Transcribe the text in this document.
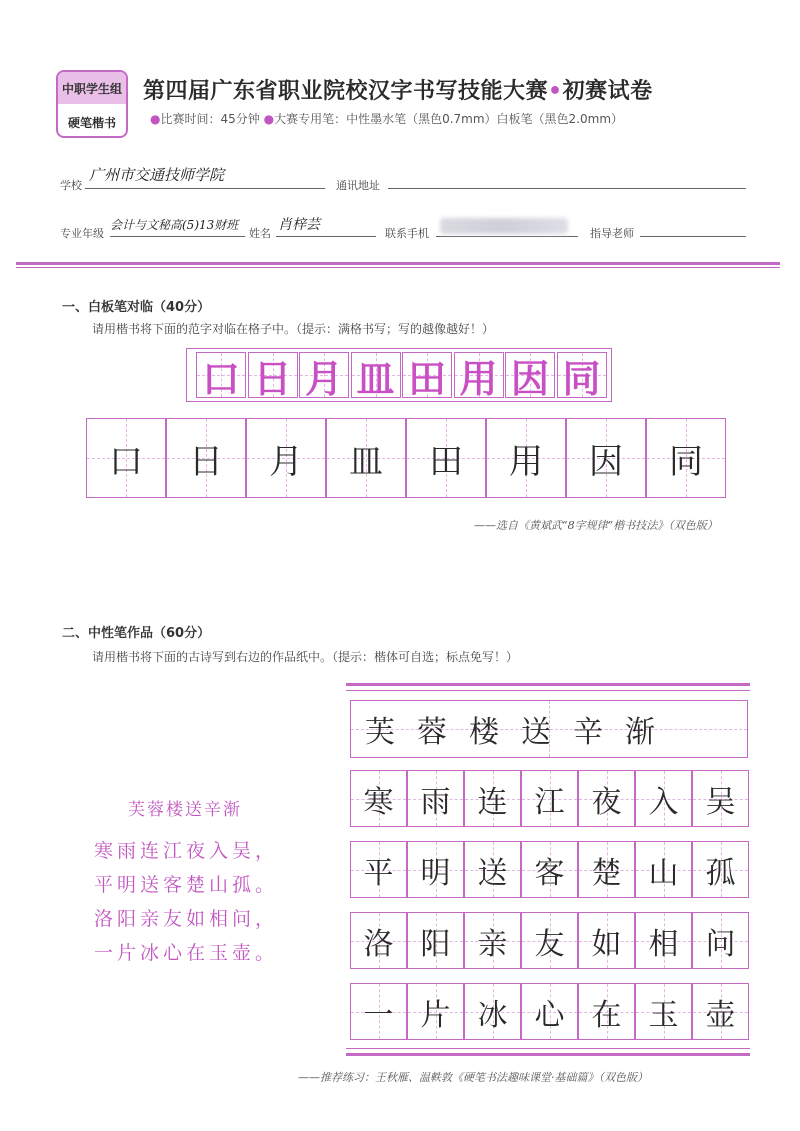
中职学生组
硬笔楷书
第四届广东省职业院校汉字书写技能大赛•初赛试卷
●比赛时间：45分钟 ●大赛专用笔：中性墨水笔（黑色0.7mm）白板笔（黑色2.0mm）
学校
广州市交通技师学院
通讯地址
专业年级
会计与文秘高(5)13财班
姓名
肖梓芸
联系手机	指导老师
一、白板笔对临（40分）
请用楷书将下面的范字对临在格子中。（提示：满格书写；写的越像越好！）
口 日 月 皿 田 用 因 同
口	日	月	皿	田	用	因	同
——选自《黄斌武“8字规律”楷书技法》（双色版）
二、中性笔作品（60分）
请用楷书将下面的古诗写到右边的作品纸中。（提示：楷体可自选；标点免写！）
芙蓉楼送辛渐
寒雨连江夜入吴，
平明送客楚山孤。
洛阳亲友如相问，
一片冰心在玉壶。
芙蓉楼送辛渐
寒 雨 连 江 夜 入 吴
平 明 送 客 楚 山 孤
洛 阳 亲 友 如 相 问
一 片 冰 心 在 玉 壶
——推荐练习：王秋雁、温軼敦《硬笔书法趣味课堂·基础篇》（双色版）
